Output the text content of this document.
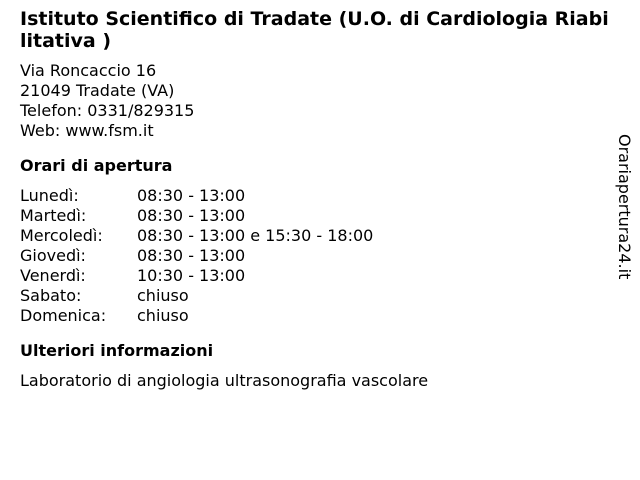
Istituto Scientifico di Tradate (U.O. di Cardiologia Riabilitativa )
Via Roncaccio 16
21049 Tradate (VA)
Telefon: 0331/829315
Web: www.fsm.it
Orari di apertura
Lunedì:	08:30 - 13:00
Martedì:	08:30 - 13:00
Mercoledì:	08:30 - 13:00 e 15:30 - 18:00
Giovedì:	08:30 - 13:00
Venerdì:	10:30 - 13:00
Sabato:	chiuso
Domenica:	chiuso
Ulteriori informazioni
Laboratorio di angiologia ultrasonografia vascolare
Orariapertura24.it
